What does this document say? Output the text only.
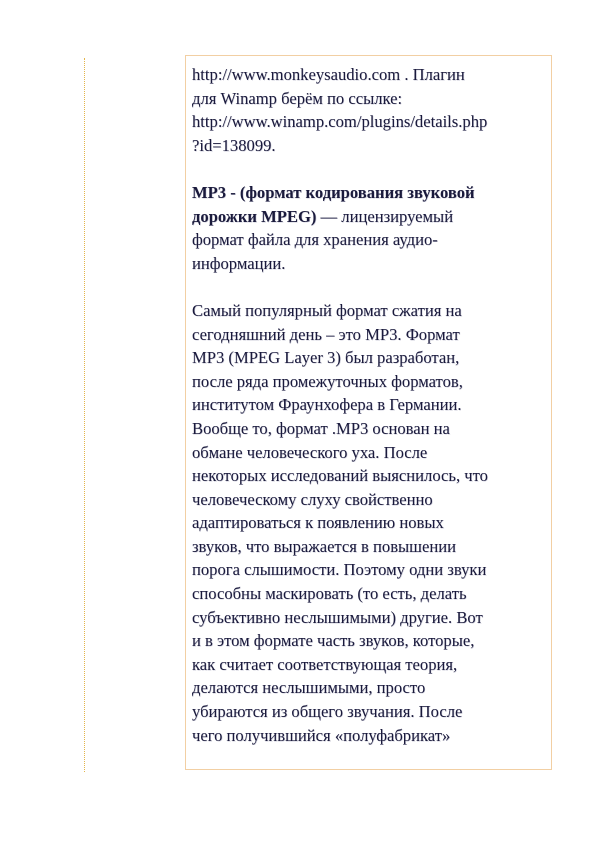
http://www.monkeysaudio.com . Плагин
для Winamp берём по ссылке:
http://www.winamp.com/plugins/details.php
?id=138099.

MP3 - (формат кодирования звуковой
дорожки MPEG) — лицензируемый
формат файла для хранения аудио-
информации.

Самый популярный формат сжатия на
сегодняшний день – это MP3. Формат
MP3 (MPEG Layer 3) был разработан,
после ряда промежуточных форматов,
институтом Фраунхофера в Германии.
Вообще то, формат .MP3 основан на
обмане человеческого уха. После
некоторых исследований выяснилось, что
человеческому слуху свойственно
адаптироваться к появлению новых
звуков, что выражается в повышении
порога слышимости. Поэтому одни звуки
способны маскировать (то есть, делать
субъективно неслышимыми) другие. Вот
и в этом формате часть звуков, которые,
как считает соответствующая теория,
делаются неслышимыми, просто
убираются из общего звучания. После
чего получившийся «полуфабрикат»
